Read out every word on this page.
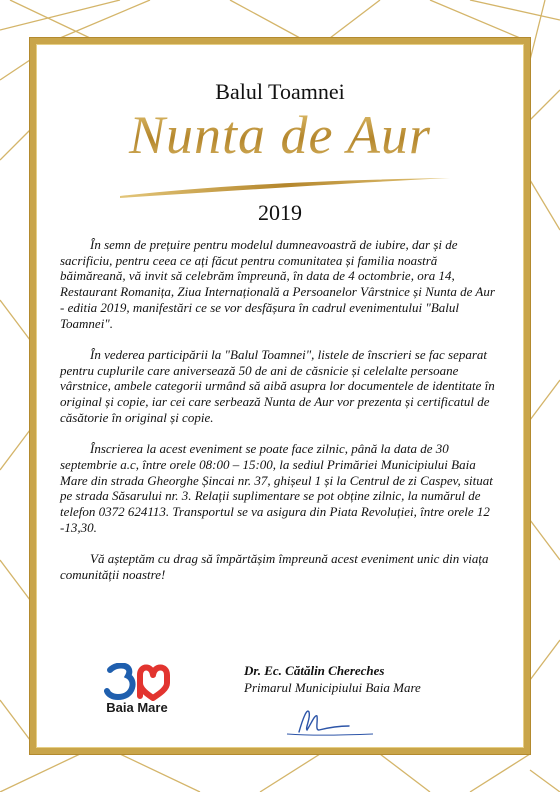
Balul Toamnei
Nunta de Aur
2019

În semn de prețuire pentru modelul dumneavoastră de iubire, dar și de sacrificiu, pentru ceea ce ați făcut pentru comunitatea și familia noastră băimăreană, vă invit să celebrăm împreună, în data de 4 octombrie, ora 14, Restaurant Romanița, Ziua Internațională a Persoanelor Vârstnice și Nunta de Aur - editia 2019, manifestări ce se vor desfășura în cadrul evenimentului "Balul Toamnei".

În vederea participării la "Balul Toamnei", listele de înscrieri se fac separat pentru cuplurile care aniversează 50 de ani de căsnicie și celelalte persoane vârstnice, ambele categorii urmând să aibă asupra lor documentele de identitate în original și copie, iar cei care serbează Nunta de Aur vor prezenta și certificatul de căsătorie în original și copie.

Înscrierea la acest eveniment se poate face zilnic, până la data de 30 septembrie a.c, între orele 08:00 – 15:00, la sediul Primăriei Municipiului Baia Mare din strada Gheorghe Șincai nr. 37, ghișeul 1 și la Centrul de zi Caspev, situat pe strada Săsarului nr. 3. Relații suplimentare se pot obține zilnic, la numărul de telefon 0372 624113. Transportul se va asigura din Piata Revoluției, între orele 12 -13,30.

Vă așteptăm cu drag să împărtășim împreună acest eveniment unic din viața comunității noastre!

Baia Mare
Dr. Ec. Cătălin Chereches
Primarul Municipiului Baia Mare
